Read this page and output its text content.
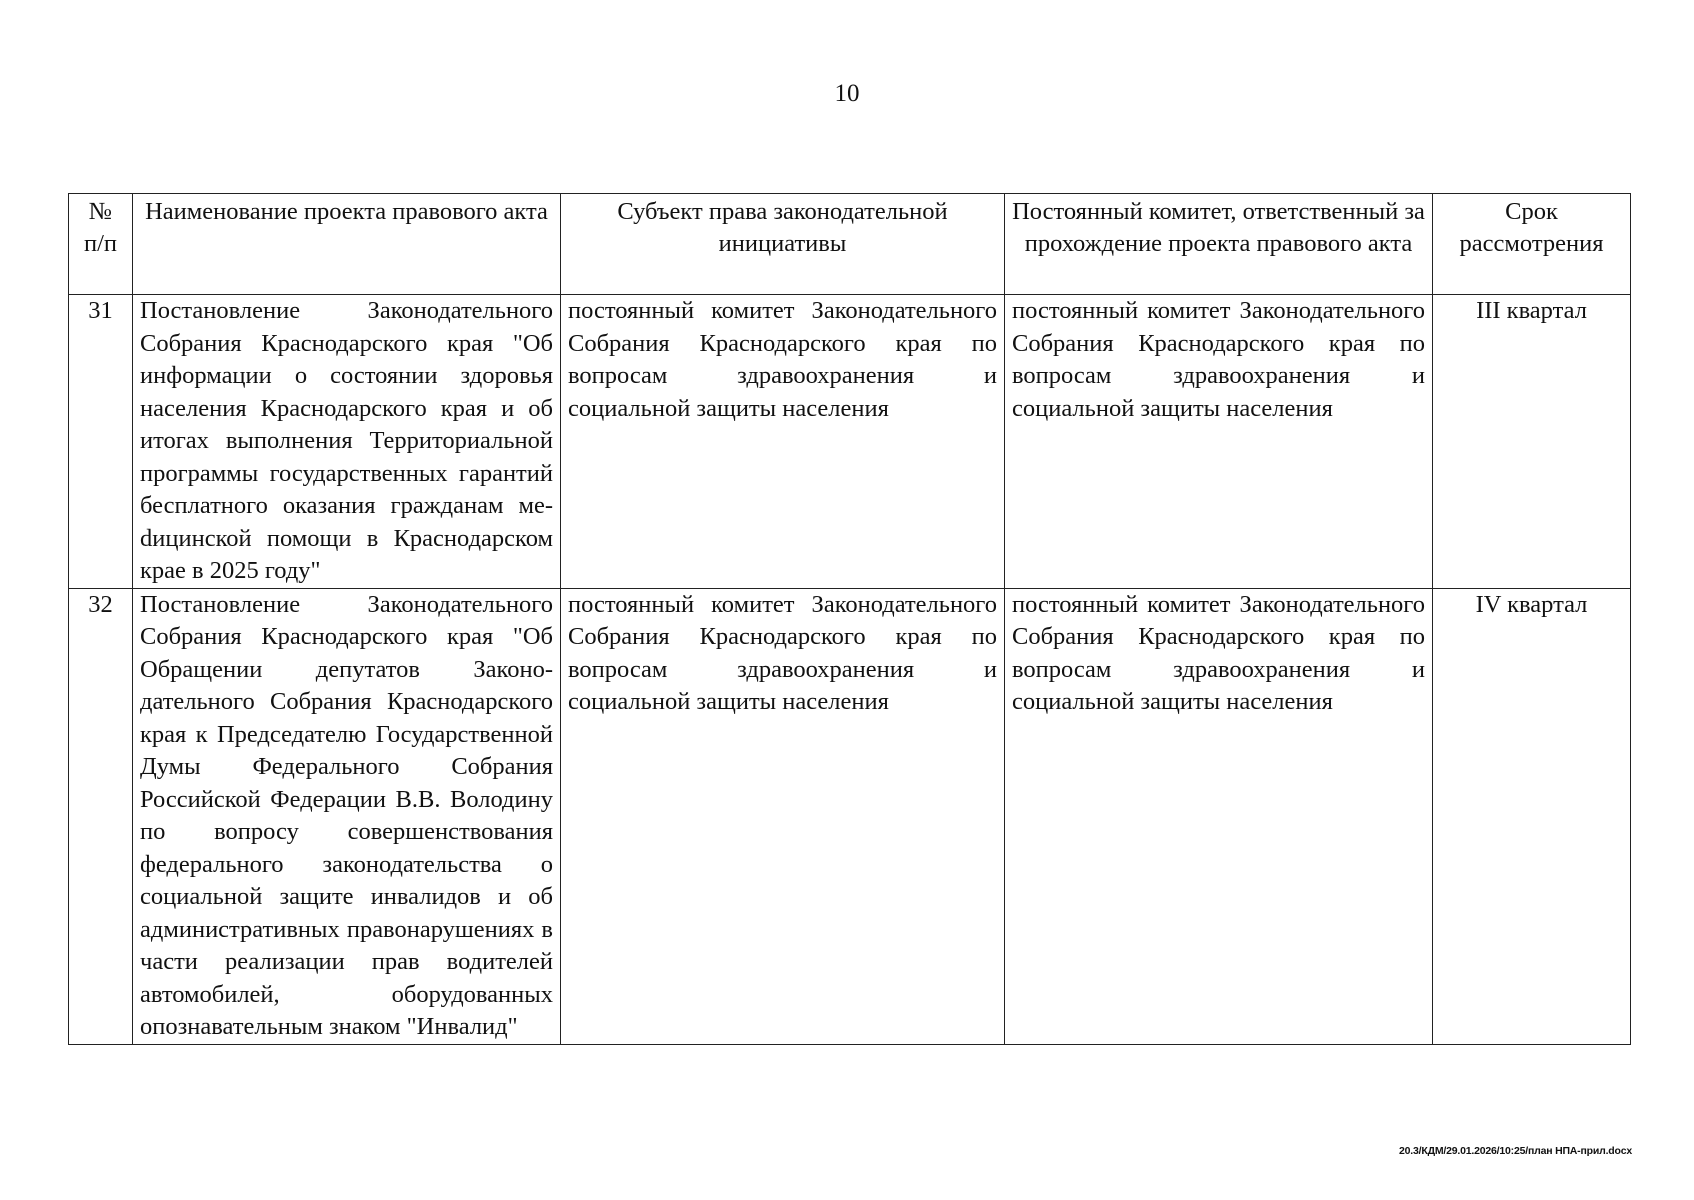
10
№ п/п	Наименование проекта правового акта	Субъект права законодательной инициативы	Постоянный комитет, ответственный за прохождение проекта правового акта	Срок рассмотрения
31	Постановление Законодательного Собрания Краснодарского края "Об информации о состоянии здоровья населения Краснодарского края и об итогах выполнения Территориальной программы государственных гарантий бесплатного оказания гражданам меdицинской помощи в Краснодарском крае в 2025 году"	постоянный комитет Законодательного Собрания Краснодарского края по вопросам здравоохранения и социальной защиты населения	постоянный комитет Законодательного Собрания Краснодарского края по вопросам здравоохранения и социальной защиты населения	III квартал
32	Постановление Законодательного Собрания Краснодарского края "Об Обращении депутатов Законодательного Собрания Краснодарского края к Председателю Государственной Думы Федерального Собрания Российской Федерации В.В. Володину по вопросу совершенствования федерального законодательства о социальной защите инвалидов и об административных правонарушениях в части реализации прав водителей автомобилей, оборудованных опознавательным знаком "Инвалид"	постоянный комитет Законодательного Собрания Краснодарского края по вопросам здравоохранения и социальной защиты населения	постоянный комитет Законодательного Собрания Краснодарского края по вопросам здравоохранения и социальной защиты населения	IV квартал
20.3/КДМ/29.01.2026/10:25/план НПА-прил.docx
